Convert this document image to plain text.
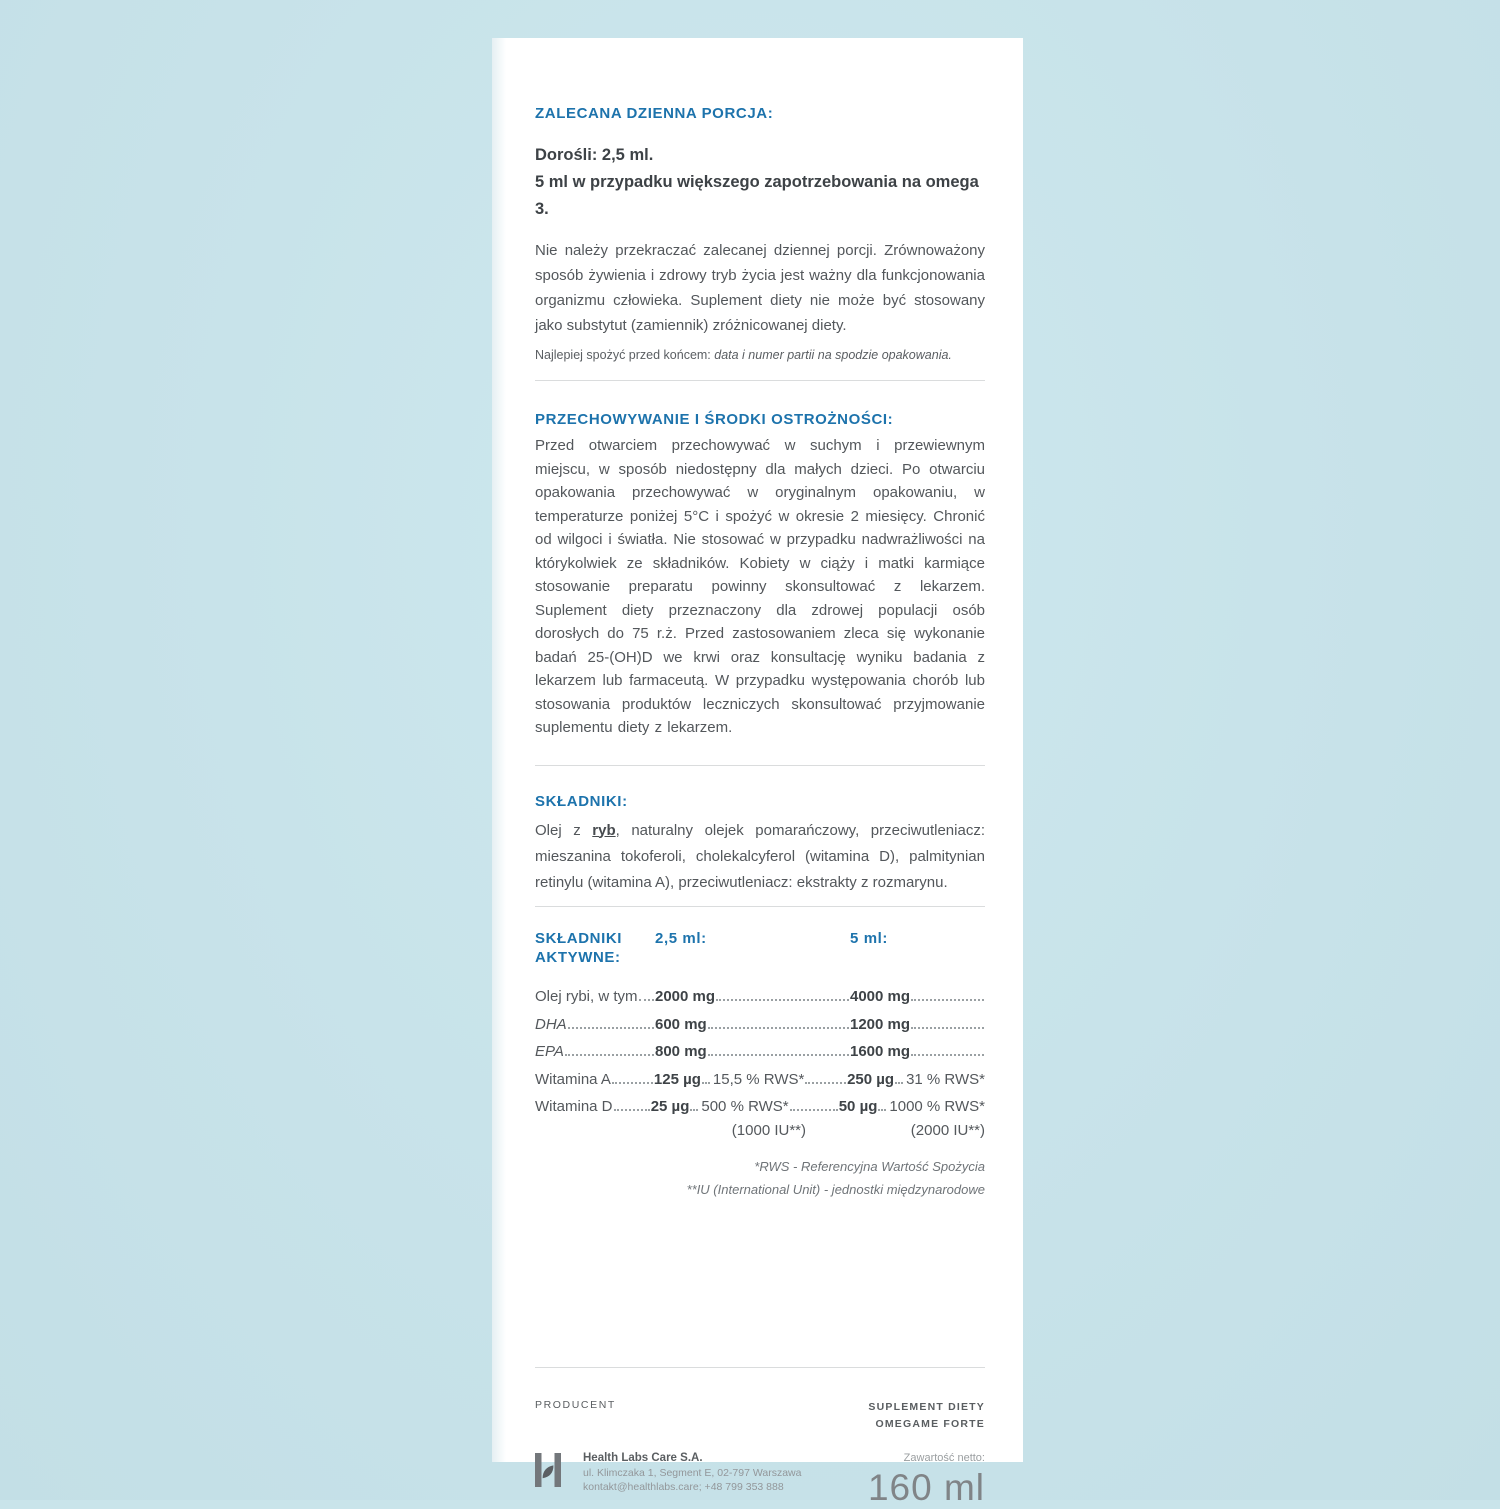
ZALECANA DZIENNA PORCJA:

Dorośli: 2,5 ml.
5 ml w przypadku większego zapotrzebowania na omega 3.

Nie należy przekraczać zalecanej dziennej porcji. Zrównoważony sposób żywienia i zdrowy tryb życia jest ważny dla funkcjonowania organizmu człowieka. Suplement diety nie może być stosowany jako substytut (zamiennik) zróżnicowanej diety.

Najlepiej spożyć przed końcem: data i numer partii na spodzie opakowania.

PRZECHOWYWANIE I ŚRODKI OSTROŻNOŚCI:

Przed otwarciem przechowywać w suchym i przewiewnym miejscu, w sposób niedostępny dla małych dzieci. Po otwarciu opakowania przechowywać w oryginalnym opakowaniu, w temperaturze poniżej 5°C i spożyć w okresie 2 miesięcy. Chronić od wilgoci i światła. Nie stosować w przypadku nadwrażliwości na którykolwiek ze składników. Kobiety w ciąży i matki karmiące stosowanie preparatu powinny skonsultować z lekarzem. Suplement diety przeznaczony dla zdrowej populacji osób dorosłych do 75 r.ż. Przed zastosowaniem zleca się wykonanie badań 25-(OH)D we krwi oraz konsultację wyniku badania z lekarzem lub farmaceutą. W przypadku występowania chorób lub stosowania produktów leczniczych skonsultować przyjmowanie suplementu diety z lekarzem.

SKŁADNIKI:

Olej z ryb, naturalny olejek pomarańczowy, przeciwutleniacz: mieszanina tokoferoli, cholekalcyferol (witamina D), palmitynian retinylu (witamina A), przeciwutleniacz: ekstrakty z rozmarynu.

SKŁADNIKI
AKTYWNE:
2,5 ml:	5 ml:
Olej rybi, w tym 2000 mg	4000 mg
DHA	600 mg	1200 mg
EPA	800 mg	1600 mg
Witamina A	125 µg 15,5 % RWS*	250 µg 31 % RWS*
Witamina D	25 µg 500 % RWS*	50 µg 1000 % RWS*
(1000 IU**)	(2000 IU**)
*RWS - Referencyjna Wartość Spożycia
**IU (International Unit) - jednostki międzynarodowe
PRODUCENT	SUPLEMENT DIETY
OMEGAME FORTE
Health Labs Care S.A.
ul. Klimczaka 1, Segment E, 02-797 Warszawa
kontakt@healthlabs.care; +48 799 353 888
Zawartość netto:
160 ml
